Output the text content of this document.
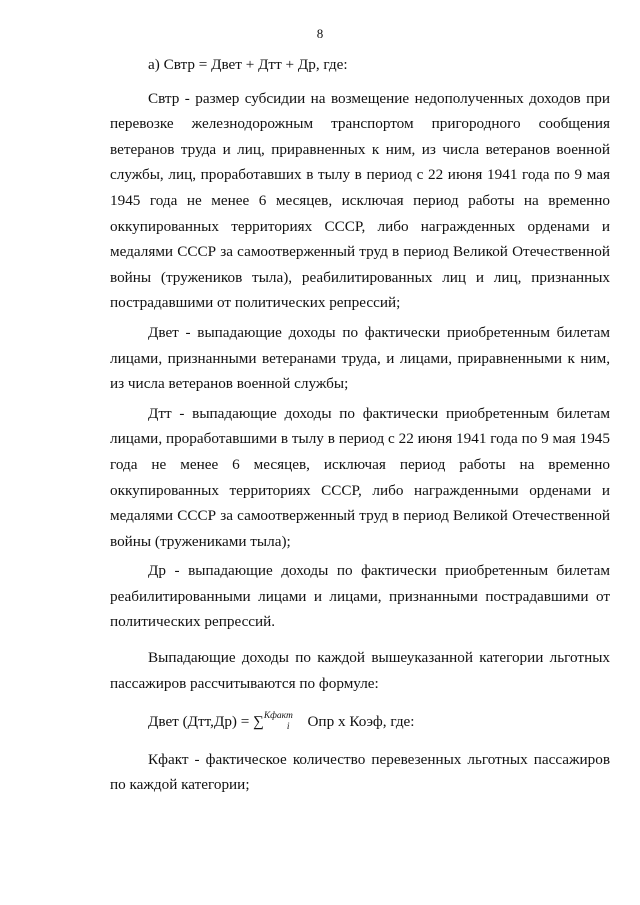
8

а) Свтр = Двет + Дтт + Др, где:

Свтр - размер субсидии на возмещение недополученных доходов при перевозке железнодорожным транспортом пригородного сообщения ветеранов труда и лиц, приравненных к ним, из числа ветеранов военной службы, лиц, проработавших в тылу в период с 22 июня 1941 года по 9 мая 1945 года не менее 6 месяцев, исключая период работы на временно оккупированных территориях СССР, либо награжденных орденами и медалями СССР за самоотверженный труд в период Великой Отечественной войны (тружеников тыла), реабилитированных лиц и лиц, признанных пострадавшими от политических репрессий;

Двет - выпадающие доходы по фактически приобретенным билетам лицами, признанными ветеранами труда, и лицами, приравненными к ним, из числа ветеранов военной службы;

Дтт - выпадающие доходы по фактически приобретенным билетам лицами, проработавшими в тылу в период с 22 июня 1941 года по 9 мая 1945 года не менее 6 месяцев, исключая период работы на временно оккупированных территориях СССР, либо награжденными орденами и медалями СССР за самоотверженный труд в период Великой Отечественной войны (тружениками тыла);

Др - выпадающие доходы по фактически приобретенным билетам реабилитированными лицами и лицами, признанными пострадавшими от политических репрессий.

Выпадающие доходы по каждой вышеуказанной категории льготных пассажиров рассчитываются по формуле:

Двет (Дтт,Др) = ∑$^{Кфакт}_i$ Опр х Коэф, где:

Кфакт - фактическое количество перевезенных льготных пассажиров по каждой категории;
